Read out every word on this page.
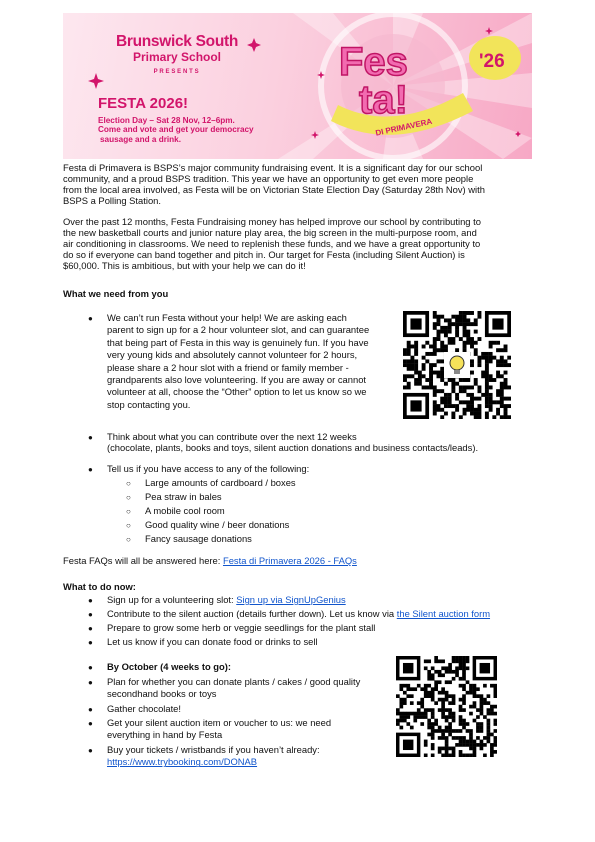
Fes
ta!
DI PRIMAVERA
'26
Brunswick South
Primary School
PRESENTS
FESTA 2026!
Election Day – Sat 28 Nov, 12–6pm.
Come and vote and get your democracy
sausage and a drink.
Festa di Primavera is BSPS’s major community fundraising event. It is a significant day for our school
community, and a proud BSPS tradition. This year we have an opportunity to get even more people
from the local area involved, as Festa will be on Victorian State Election Day (Saturday 28th Nov) with
BSPS a Polling Station.
Over the past 12 months, Festa Fundraising money has helped improve our school by contributing to
the new basketball courts and junior nature play area, the big screen in the multi-purpose room, and
air conditioning in classrooms. We need to replenish these funds, and we have a great opportunity to
do so if everyone can band together and pitch in. Our target for Festa (including Silent Auction) is
$60,000. This is ambitious, but with your help we can do it!
What we need from you
● We can’t run Festa without your help! We are asking each
parent to sign up for a 2 hour volunteer slot, and can guarantee
that being part of Festa in this way is genuinely fun. If you have
very young kids and absolutely cannot volunteer for 2 hours,
please share a 2 hour slot with a friend or family member -
grandparents also love volunteering. If you are away or cannot
volunteer at all, choose the “Other” option to let us know so we
stop contacting you.
● Think about what you can contribute over the next 12 weeks
(chocolate, plants, books and toys, silent auction donations and business contacts/leads).
● Tell us if you have access to any of the following:
○ Large amounts of cardboard / boxes
○ Pea straw in bales
○ A mobile cool room
○ Good quality wine / beer donations
○ Fancy sausage donations
Festa FAQs will all be answered here: Festa di Primavera 2026 - FAQs
What to do now:
● Sign up for a volunteering slot: Sign up via SignUpGenius
● Contribute to the silent auction (details further down). Let us know via the Silent auction form
● Prepare to grow some herb or veggie seedlings for the plant stall
● Let us know if you can donate food or drinks to sell
● By October (4 weeks to go):
● Plan for whether you can donate plants / cakes / good quality
secondhand books or toys
● Gather chocolate!
● Get your silent auction item or voucher to us: we need
everything in hand by Festa
● Buy your tickets / wristbands if you haven’t already:
https://www.trybooking.com/DONAB
